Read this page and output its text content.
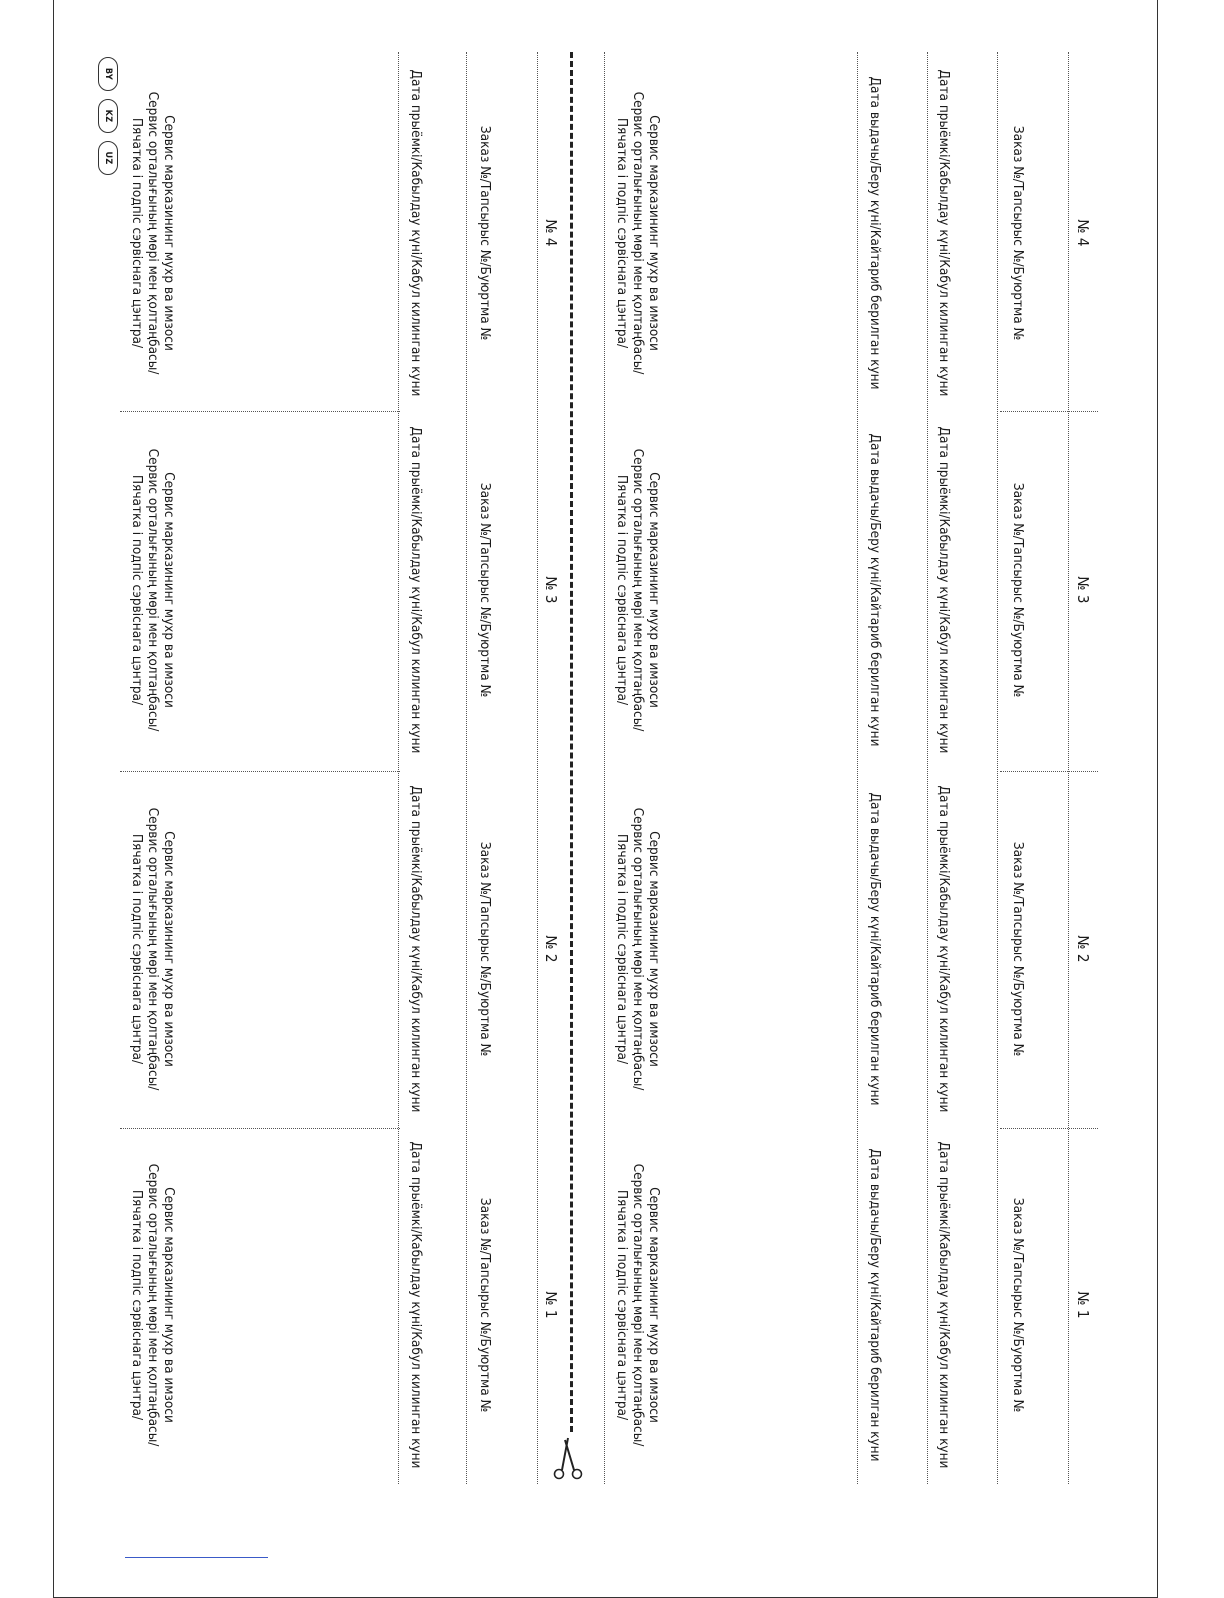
№ 1
Заказ №/Тапсырыс №/Буюртма №
Дата прыёмкі/Кабылдау күні/Кабул килинган куни
Дата выдачы/Беру күні/Кайтариб берилган куни
Пячатка і подпіс сэрвіснага цэнтра/ Сервис орталығының мөрі мен қолтаңбасы/ Сервис марказининг мухр ва имзоси
№ 1
Заказ №/Тапсырыс №/Буюртма №
Дата прыёмкі/Кабылдау күні/Кабул килинган куни
Пячатка і подпіс сэрвіснага цэнтра/ Сервис орталығының мөрі мен қолтаңбасы/ Сервис марказининг мухр ва имзоси
№ 2
Заказ №/Тапсырыс №/Буюртма №
Дата прыёмкі/Кабылдау күні/Кабул килинган куни
Дата выдачы/Беру күні/Кайтариб берилган куни
Пячатка і подпіс сэрвіснага цэнтра/ Сервис орталығының мөрі мен қолтаңбасы/ Сервис марказининг мухр ва имзоси
№ 2
Заказ №/Тапсырыс №/Буюртма №
Дата прыёмкі/Кабылдау күні/Кабул килинган куни
Пячатка і подпіс сэрвіснага цэнтра/ Сервис орталығының мөрі мен қолтаңбасы/ Сервис марказининг мухр ва имзоси
№ 3
Заказ №/Тапсырыс №/Буюртма №
Дата прыёмкі/Кабылдау күні/Кабул килинган куни
Дата выдачы/Беру күні/Кайтариб берилган куни
Пячатка і подпіс сэрвіснага цэнтра/ Сервис орталығының мөрі мен қолтаңбасы/ Сервис марказининг мухр ва имзоси
№ 3
Заказ №/Тапсырыс №/Буюртма №
Дата прыёмкі/Кабылдау күні/Кабул килинган куни
Пячатка і подпіс сэрвіснага цэнтра/ Сервис орталығының мөрі мен қолтаңбасы/ Сервис марказининг мухр ва имзоси
№ 4
Заказ №/Тапсырыс №/Буюртма №
Дата прыёмкі/Кабылдау күні/Кабул килинган куни
Дата выдачы/Беру күні/Кайтариб берилган куни
Пячатка і подпіс сэрвіснага цэнтра/ Сервис орталығының мөрі мен қолтаңбасы/ Сервис марказининг мухр ва имзоси
№ 4
Заказ №/Тапсырыс №/Буюртма №
Дата прыёмкі/Кабылдау күні/Кабул килинган куни
Пячатка і подпіс сэрвіснага цэнтра/ Сервис орталығының мөрі мен қолтаңбасы/ Сервис марказининг мухр ва имзоси
BY
KZ
UZ
